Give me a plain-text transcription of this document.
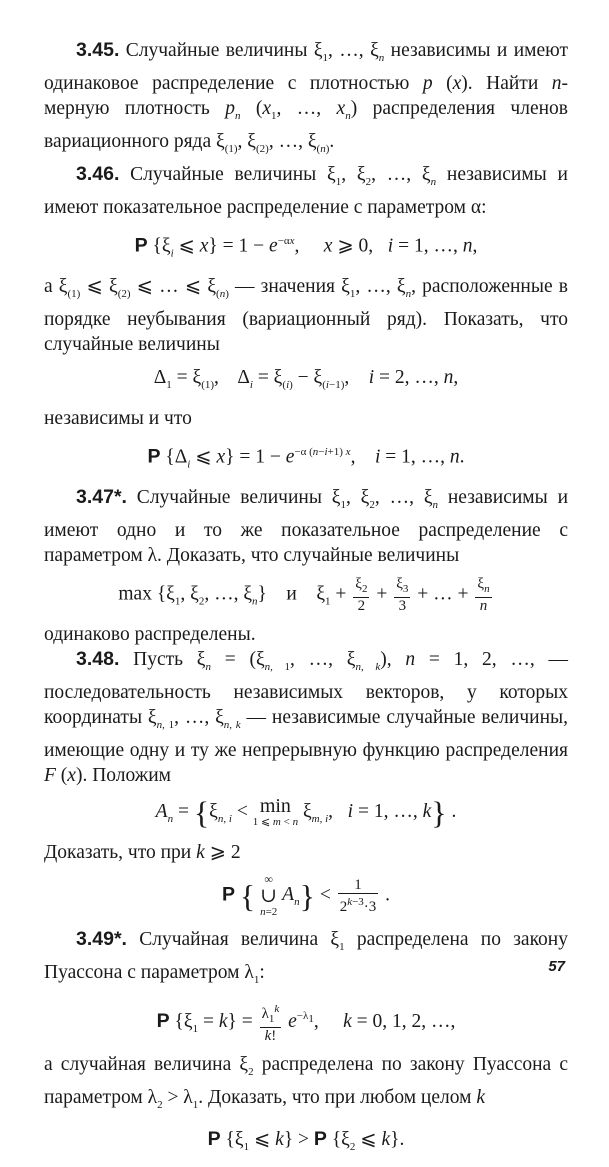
3.45. Случайные величины $\xi_1$, …, $\xi_n$ независимы и имеют одинаковое распределение с плотностью p (x). Найти n-мерную плотность $p_n$ ($x_1$, …, $x_n$) распределения членов вариационного ряда $\xi_{(1)}$, $\xi_{(2)}$, …, $\xi_{(n)}$.

3.46. Случайные величины $\xi_1$, $\xi_2$, …, $\xi_n$ независимы и имеют показательное распределение с параметром α:

P {$\xi_i$ ⩽ $x\} = 1 - e^{-\alpha x}$,     x ⩾ 0,   i = 1, …, n,

а $\xi_{(1)}$ ⩽ $\xi_{(2)}$ ⩽ … ⩽ $\xi_{(n)}$ — значения $\xi_1$, …, $\xi_n$, расположенные в порядке неубывания (вариационный ряд). Показать, что случайные величины

$\Delta_1 = \xi_{(1)}$,    $\Delta_i = \xi_{(i)} - \xi_{(i-1)}$,    i = 2, …, n,

независимы и что

P {$\Delta_i$ ⩽ $x\} = 1 - e^{-\alpha (n-i+1) x}$,    i = 1, …, n.

3.47*. Случайные величины $\xi_1$, $\xi_2$, …, $\xi_n$ независимы и имеют одно и то же показательное распределение с параметром λ. Доказать, что случайные величины

$\max \{\xi_1$, $\xi_2$, …, $\xi_n$}    и    $\xi_1 + \frac{\xi_2}{2} + \frac{\xi_3}{3}$ + … + $\frac{\xi_n}{n}$

одинаково распределены.

3.48. Пусть $\xi_n = (\xi_{n, 1}$, …, $\xi_{n, k}$), n = 1, 2, …, — последовательность независимых векторов, у которых координаты $\xi_{n, 1}$, …, $\xi_{n, k}$ — независимые случайные величины, имеющие одну и ту же непрерывную функцию распределения F (x). Положим

$A_n = \{\xi_{n, i} < \min$
1 ⩽ m < n
$\xi_{m, i}$,   i = 1, …, k} .

Доказать, что при k ⩾ 2

P { ∞
∪
n=2
$A_n\} < \frac{1}{2^{k-3}\cdot 3}$ .

3.49*. Случайная величина $\xi_1$ распределена по закону Пуассона с параметром $\lambda_1$:

P $\{\xi_1 = k\} = \frac{\lambda_1^k}{k!} e^{-\lambda_1}$,     k = 0, 1, 2, …,

а случайная величина $\xi_2$ распределена по закону Пуассона с параметром $\lambda_2 > \lambda_1$. Доказать, что при любом целом k

P {$\xi_1$ ⩽ k} > P {$\xi_2$ ⩽ k}.
57
